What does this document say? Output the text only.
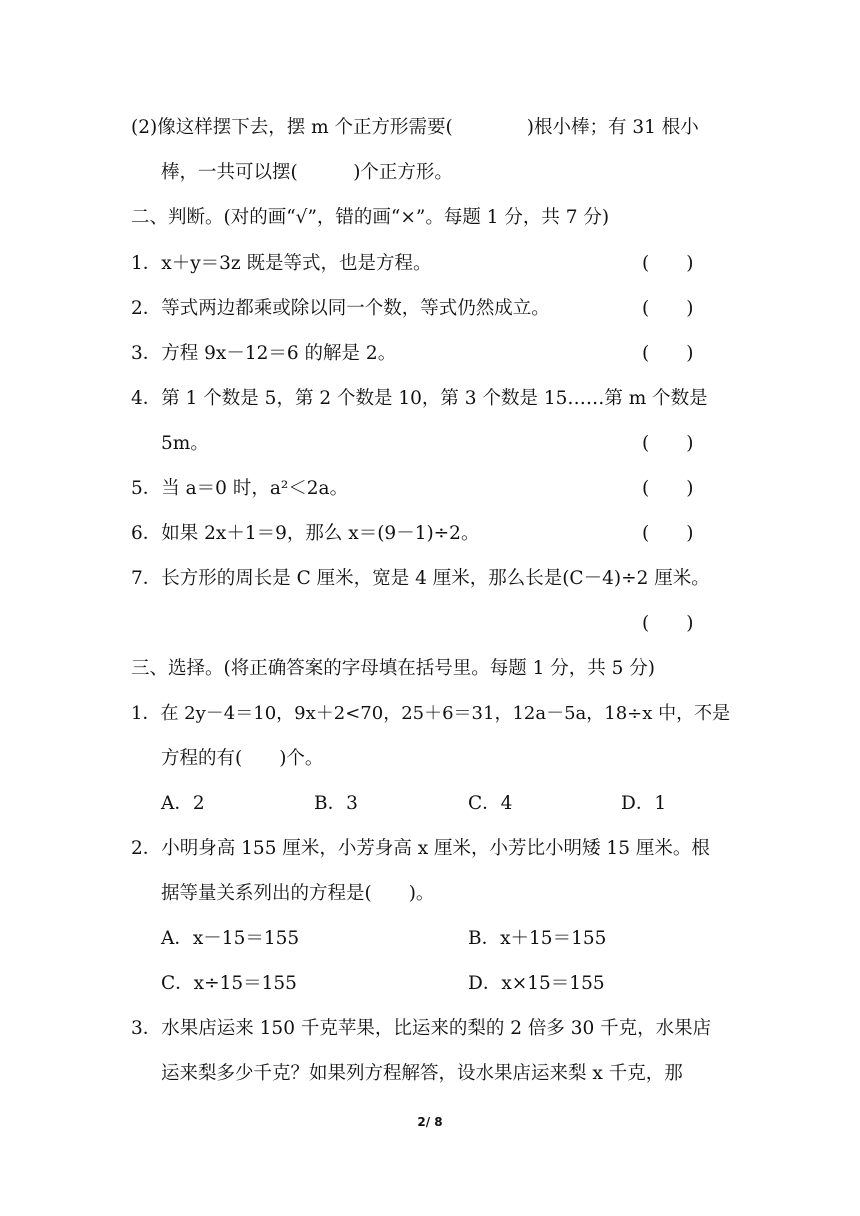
(2)像这样摆下去，摆 m 个正方形需要(　　　　)根小棒；有 31 根小
棒，一共可以摆(　　　)个正方形。
二、判断。(对的画“√”，错的画“×”。每题 1 分，共 7 分)
1．x＋y＝3z 既是等式，也是方程。	(　　)
2．等式两边都乘或除以同一个数，等式仍然成立。	(　　)
3．方程 9x－12＝6 的解是 2。	(　　)
4．第 1 个数是 5，第 2 个数是 10，第 3 个数是 15……第 m 个数是
5m。	(　　)
5．当 a＝0 时，a²＜2a。	(　　)
6．如果 2x＋1＝9，那么 x＝(9－1)÷2。	(　　)
7．长方形的周长是 C 厘米，宽是 4 厘米，那么长是(C－4)÷2 厘米。
(　　)
三、选择。(将正确答案的字母填在括号里。每题 1 分，共 5 分)
1．在 2y－4＝10，9x＋2<70，25＋6＝31，12a－5a，18÷x 中，不是
方程的有(　　)个。
A．2	B．3	C．4	D．1
2．小明身高 155 厘米，小芳身高 x 厘米，小芳比小明矮 15 厘米。根
据等量关系列出的方程是(　　)。
A．x－15＝155	B．x＋15＝155
C．x÷15＝155	D．x×15＝155
3．水果店运来 150 千克苹果，比运来的梨的 2 倍多 30 千克，水果店
运来梨多少千克？如果列方程解答，设水果店运来梨 x 千克，那
2/ 8
